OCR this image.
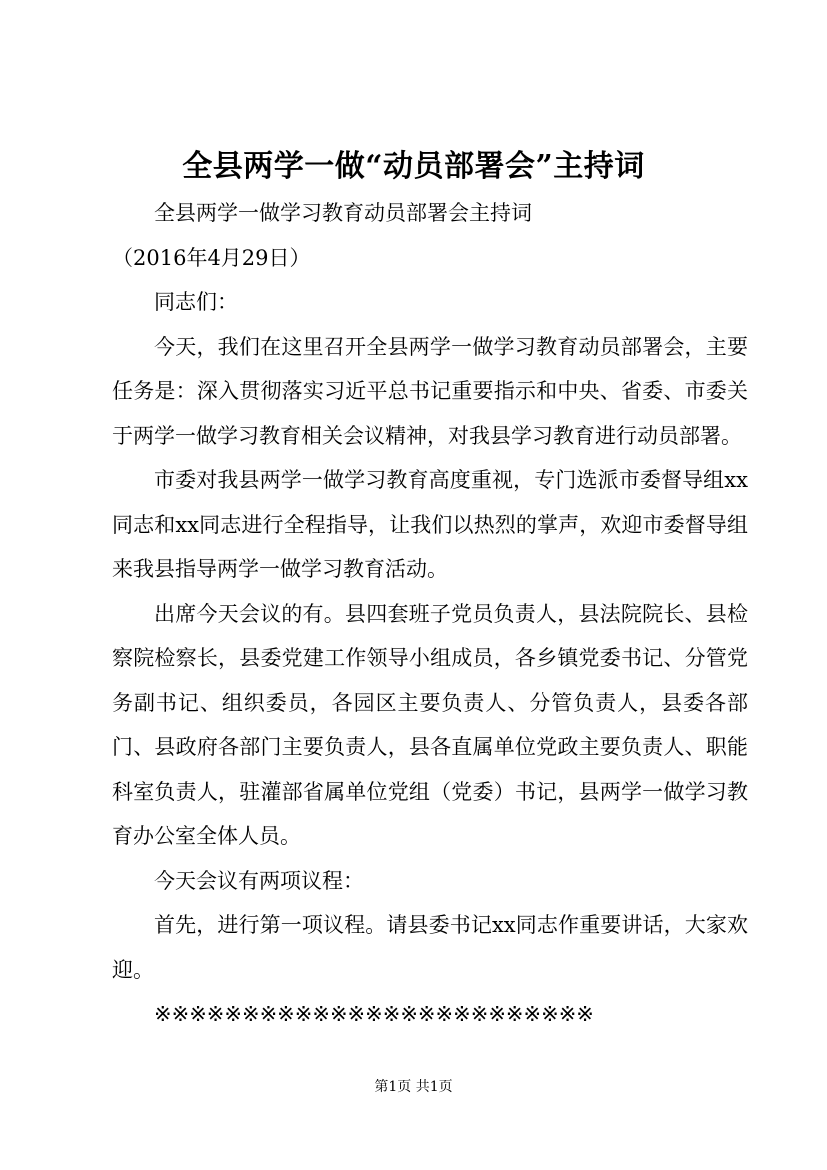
全县两学一做“动员部署会”主持词

全县两学一做学习教育动员部署会主持词

（2016年4月29日）

同志们：

今天，我们在这里召开全县两学一做学习教育动员部署会，主要任务是：深入贯彻落实习近平总书记重要指示和中央、省委、市委关于两学一做学习教育相关会议精神，对我县学习教育进行动员部署。

市委对我县两学一做学习教育高度重视，专门选派市委督导组xx同志和xx同志进行全程指导，让我们以热烈的掌声，欢迎市委督导组来我县指导两学一做学习教育活动。

出席今天会议的有。县四套班子党员负责人，县法院院长、县检察院检察长，县委党建工作领导小组成员，各乡镇党委书记、分管党务副书记、组织委员，各园区主要负责人、分管负责人，县委各部门、县政府各部门主要负责人，县各直属单位党政主要负责人、职能科室负责人，驻灌部省属单位党组（党委）书记，县两学一做学习教育办公室全体人员。

今天会议有两项议程：

首先，进行第一项议程。请县委书记xx同志作重要讲话，大家欢迎。

※※※※※※※※※※※※※※※※※※※※※※※※※

第1页 共1页
